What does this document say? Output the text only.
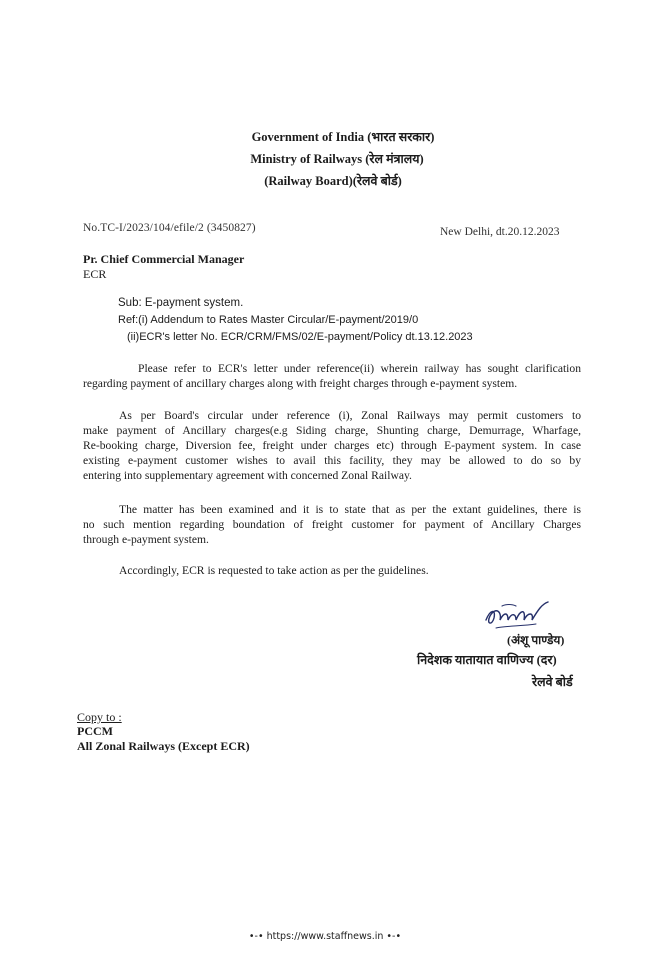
Government of India (भारत सरकार)
Ministry of Railways (रेल मंत्रालय)
(Railway Board)(रेलवे बोर्ड)
No.TC-I/2023/104/efile/2 (3450827)	New Delhi, dt.20.12.2023
Pr. Chief Commercial Manager
ECR
Sub: E-payment system.
Ref:(i) Addendum to Rates Master Circular/E-payment/2019/0
(ii)ECR's letter No. ECR/CRM/FMS/02/E-payment/Policy dt.13.12.2023
Please refer to ECR's letter under reference(ii) wherein railway has sought clarification
regarding payment of ancillary charges along with freight charges through e-payment system.
As per Board's circular under reference (i), Zonal Railways may permit customers to
make payment of Ancillary charges(e.g Siding charge, Shunting charge, Demurrage, Wharfage,
Re-booking charge, Diversion fee, freight under charges etc) through E-payment system. In case
existing e-payment customer wishes to avail this facility, they may be allowed to do so by
entering into supplementary agreement with concerned Zonal Railway.
The matter has been examined and it is to state that as per the extant guidelines, there is
no such mention regarding boundation of freight customer for payment of Ancillary Charges
through e-payment system.
Accordingly, ECR is requested to take action as per the guidelines.
(अंशू पाण्डेय)
निदेशक यातायात वाणिज्य (दर)
रेलवे बोर्ड
Copy to :
PCCM
All Zonal Railways (Except ECR)
•-• https://www.staffnews.in •-•
